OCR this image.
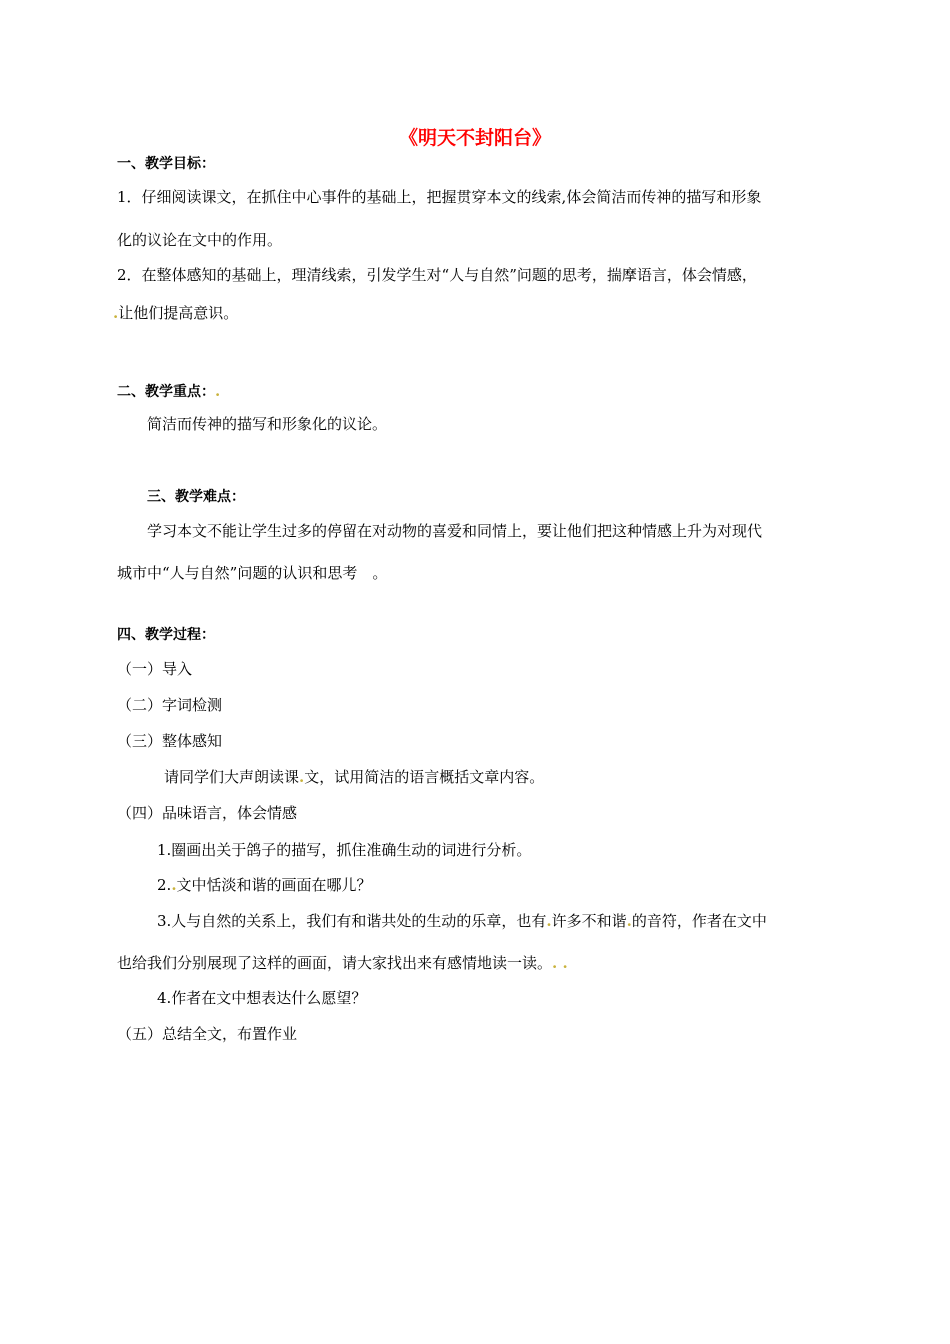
《明天不封阳台》
一、教学目标：
1．仔细阅读课文，在抓住中心事件的基础上，把握贯穿本文的线索,体会简洁而传神的描写和形象
化的议论在文中的作用。
2．在整体感知的基础上，理清线索，引发学生对“人与自然”问题的思考，揣摩语言，体会情感，
.让他们提高意识。
二、教学重点：.
简洁而传神的描写和形象化的议论。
三、教学难点：
学习本文不能让学生过多的停留在对动物的喜爱和同情上，要让他们把这种情感上升为对现代
城市中“人与自然”问题的认识和思考　。
四、教学过程：
（一）导入
（二）字词检测
（三）整体感知
请同学们大声朗读课.文，试用简洁的语言概括文章内容。
（四）品味语言，体会情感
1.圈画出关于鸽子的描写，抓住准确生动的词进行分析。
2..文中恬淡和谐的画面在哪儿？
3.人与自然的关系上，我们有和谐共处的生动的乐章，也有.许多不和谐.的音符，作者在文中
也给我们分别展现了这样的画面，请大家找出来有感情地读一读。. .
4.作者在文中想表达什么愿望？
（五）总结全文，布置作业
